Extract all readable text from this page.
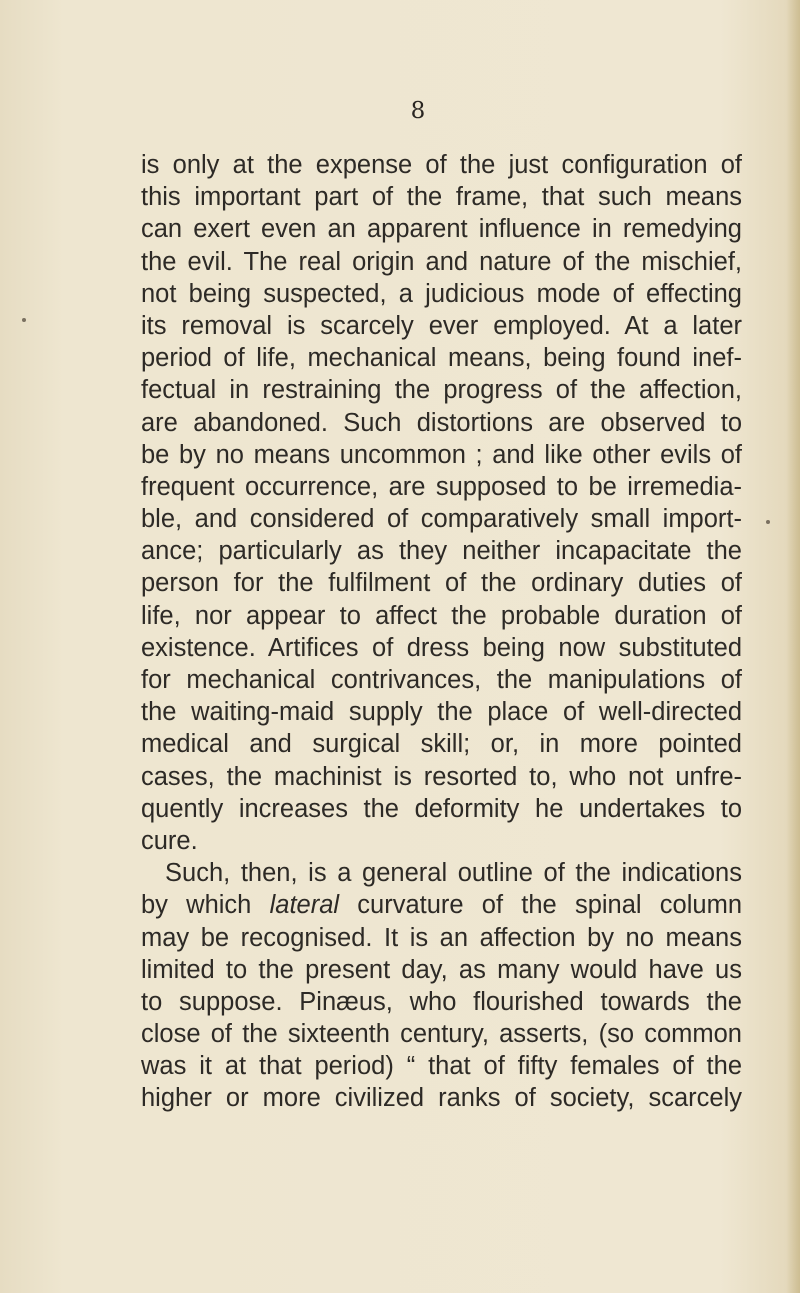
8
is only at the expense of the just configuration of
this important part of the frame, that such means
can exert even an apparent influence in remedying
the evil. The real origin and nature of the mischief,
not being suspected, a judicious mode of effecting
its removal is scarcely ever employed. At a later
period of life, mechanical means, being found inef-
fectual in restraining the progress of the affection,
are abandoned. Such distortions are observed to
be by no means uncommon ; and like other evils of
frequent occurrence, are supposed to be irremedia-
ble, and considered of comparatively small import-
ance; particularly as they neither incapacitate the
person for the fulfilment of the ordinary duties of
life, nor appear to affect the probable duration of
existence. Artifices of dress being now substituted
for mechanical contrivances, the manipulations of
the waiting-maid supply the place of well-directed
medical and surgical skill; or, in more pointed
cases, the machinist is resorted to, who not unfre-
quently increases the deformity he undertakes to
cure.
Such, then, is a general outline of the indications
by which lateral curvature of the spinal column
may be recognised. It is an affection by no means
limited to the present day, as many would have us
to suppose. Pinæus, who flourished towards the
close of the sixteenth century, asserts, (so common
was it at that period) “ that of fifty females of the
higher or more civilized ranks of society, scarcely
